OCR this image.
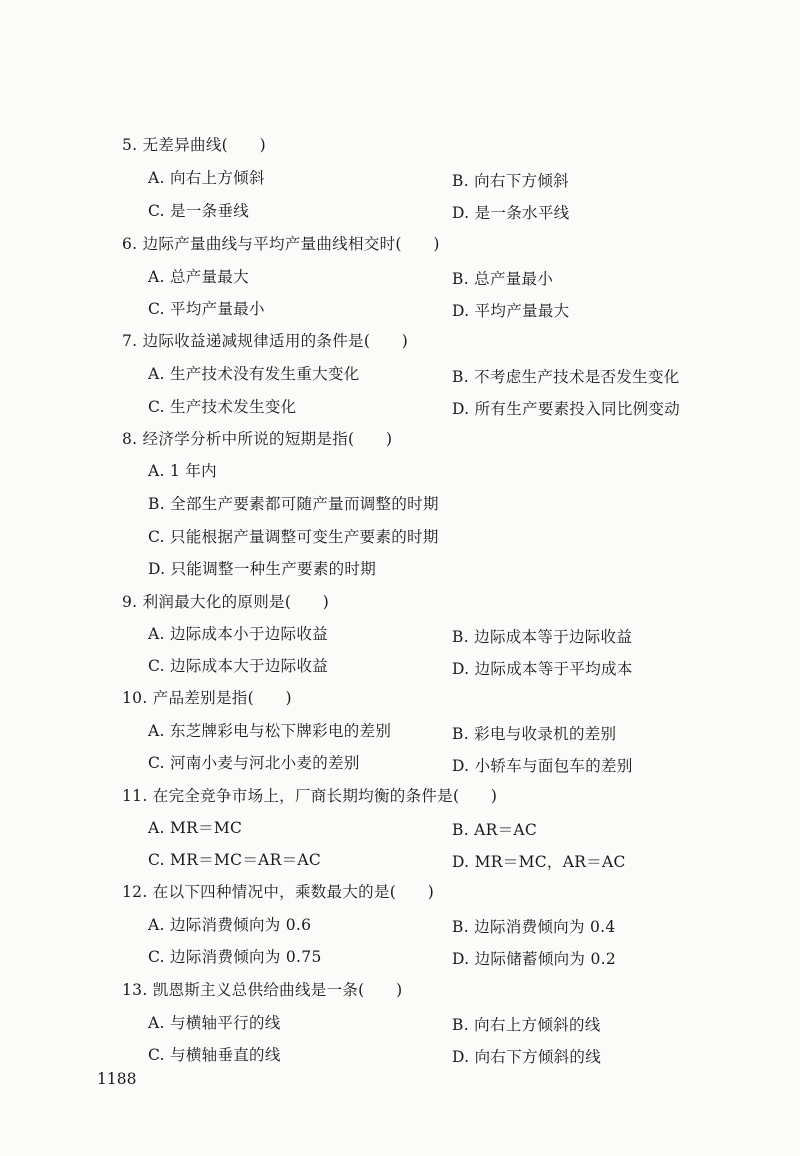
5. 无差异曲线(　　)
A. 向右上方倾斜	B. 向右下方倾斜
C. 是一条垂线	D. 是一条水平线
6. 边际产量曲线与平均产量曲线相交时(　　)
A. 总产量最大	B. 总产量最小
C. 平均产量最小	D. 平均产量最大
7. 边际收益递减规律适用的条件是(　　)
A. 生产技术没有发生重大变化	B. 不考虑生产技术是否发生变化
C. 生产技术发生变化	D. 所有生产要素投入同比例变动
8. 经济学分析中所说的短期是指(　　)
A. 1 年内
B. 全部生产要素都可随产量而调整的时期
C. 只能根据产量调整可变生产要素的时期
D. 只能调整一种生产要素的时期
9. 利润最大化的原则是(　　)
A. 边际成本小于边际收益	B. 边际成本等于边际收益
C. 边际成本大于边际收益	D. 边际成本等于平均成本
10. 产品差别是指(　　)
A. 东芝牌彩电与松下牌彩电的差别	B. 彩电与收录机的差别
C. 河南小麦与河北小麦的差别	D. 小轿车与面包车的差别
11. 在完全竞争市场上，厂商长期均衡的条件是(　　)
A. MR＝MC	B. AR＝AC
C. MR＝MC＝AR＝AC	D. MR＝MC，AR＝AC
12. 在以下四种情况中，乘数最大的是(　　)
A. 边际消费倾向为 0.6	B. 边际消费倾向为 0.4
C. 边际消费倾向为 0.75	D. 边际储蓄倾向为 0.2
13. 凯恩斯主义总供给曲线是一条(　　)
A. 与横轴平行的线	B. 向右上方倾斜的线
C. 与横轴垂直的线	D. 向右下方倾斜的线
1188
